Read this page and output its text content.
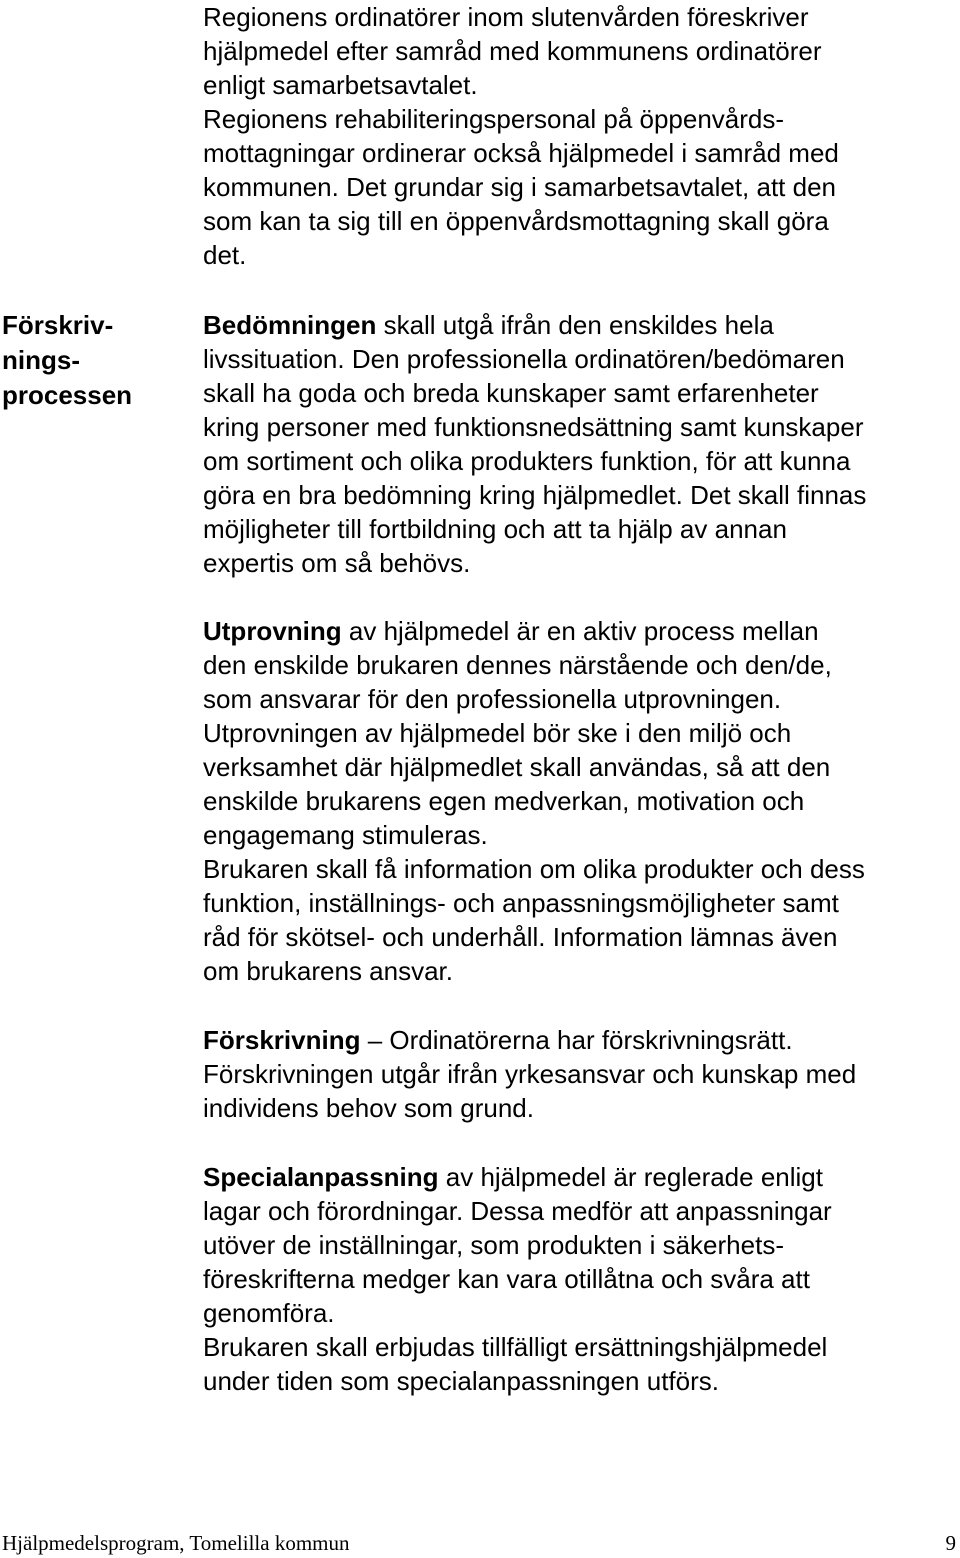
Förskriv-
nings-
processen
Regionens ordinatörer inom slutenvården föreskriver
hjälpmedel efter samråd med kommunens ordinatörer
enligt samarbetsavtalet.
Regionens rehabiliteringspersonal på öppenvårds-
mottagningar ordinerar också hjälpmedel i samråd med
kommunen. Det grundar sig i samarbetsavtalet, att den
som kan ta sig till en öppenvårdsmottagning skall göra
det.
Bedömningen skall utgå ifrån den enskildes hela
livssituation. Den professionella ordinatören/bedömaren
skall ha goda och breda kunskaper samt erfarenheter
kring personer med funktionsnedsättning samt kunskaper
om sortiment och olika produkters funktion, för att kunna
göra en bra bedömning kring hjälpmedlet. Det skall finnas
möjligheter till fortbildning och att ta hjälp av annan
expertis om så behövs.
Utprovning av hjälpmedel är en aktiv process mellan
den enskilde brukaren dennes närstående och den/de,
som ansvarar för den professionella utprovningen.
Utprovningen av hjälpmedel bör ske i den miljö och
verksamhet där hjälpmedlet skall användas, så att den
enskilde brukarens egen medverkan, motivation och
engagemang stimuleras.
Brukaren skall få information om olika produkter och dess
funktion, inställnings- och anpassningsmöjligheter samt
råd för skötsel- och underhåll. Information lämnas även
om brukarens ansvar.
Förskrivning – Ordinatörerna har förskrivningsrätt.
Förskrivningen utgår ifrån yrkesansvar och kunskap med
individens behov som grund.
Specialanpassning av hjälpmedel är reglerade enligt
lagar och förordningar. Dessa medför att anpassningar
utöver de inställningar, som produkten i säkerhets-
föreskrifterna medger kan vara otillåtna och svåra att
genomföra.
Brukaren skall erbjudas tillfälligt ersättningshjälpmedel
under tiden som specialanpassningen utförs.
Hjälpmedelsprogram, Tomelilla kommun	9
